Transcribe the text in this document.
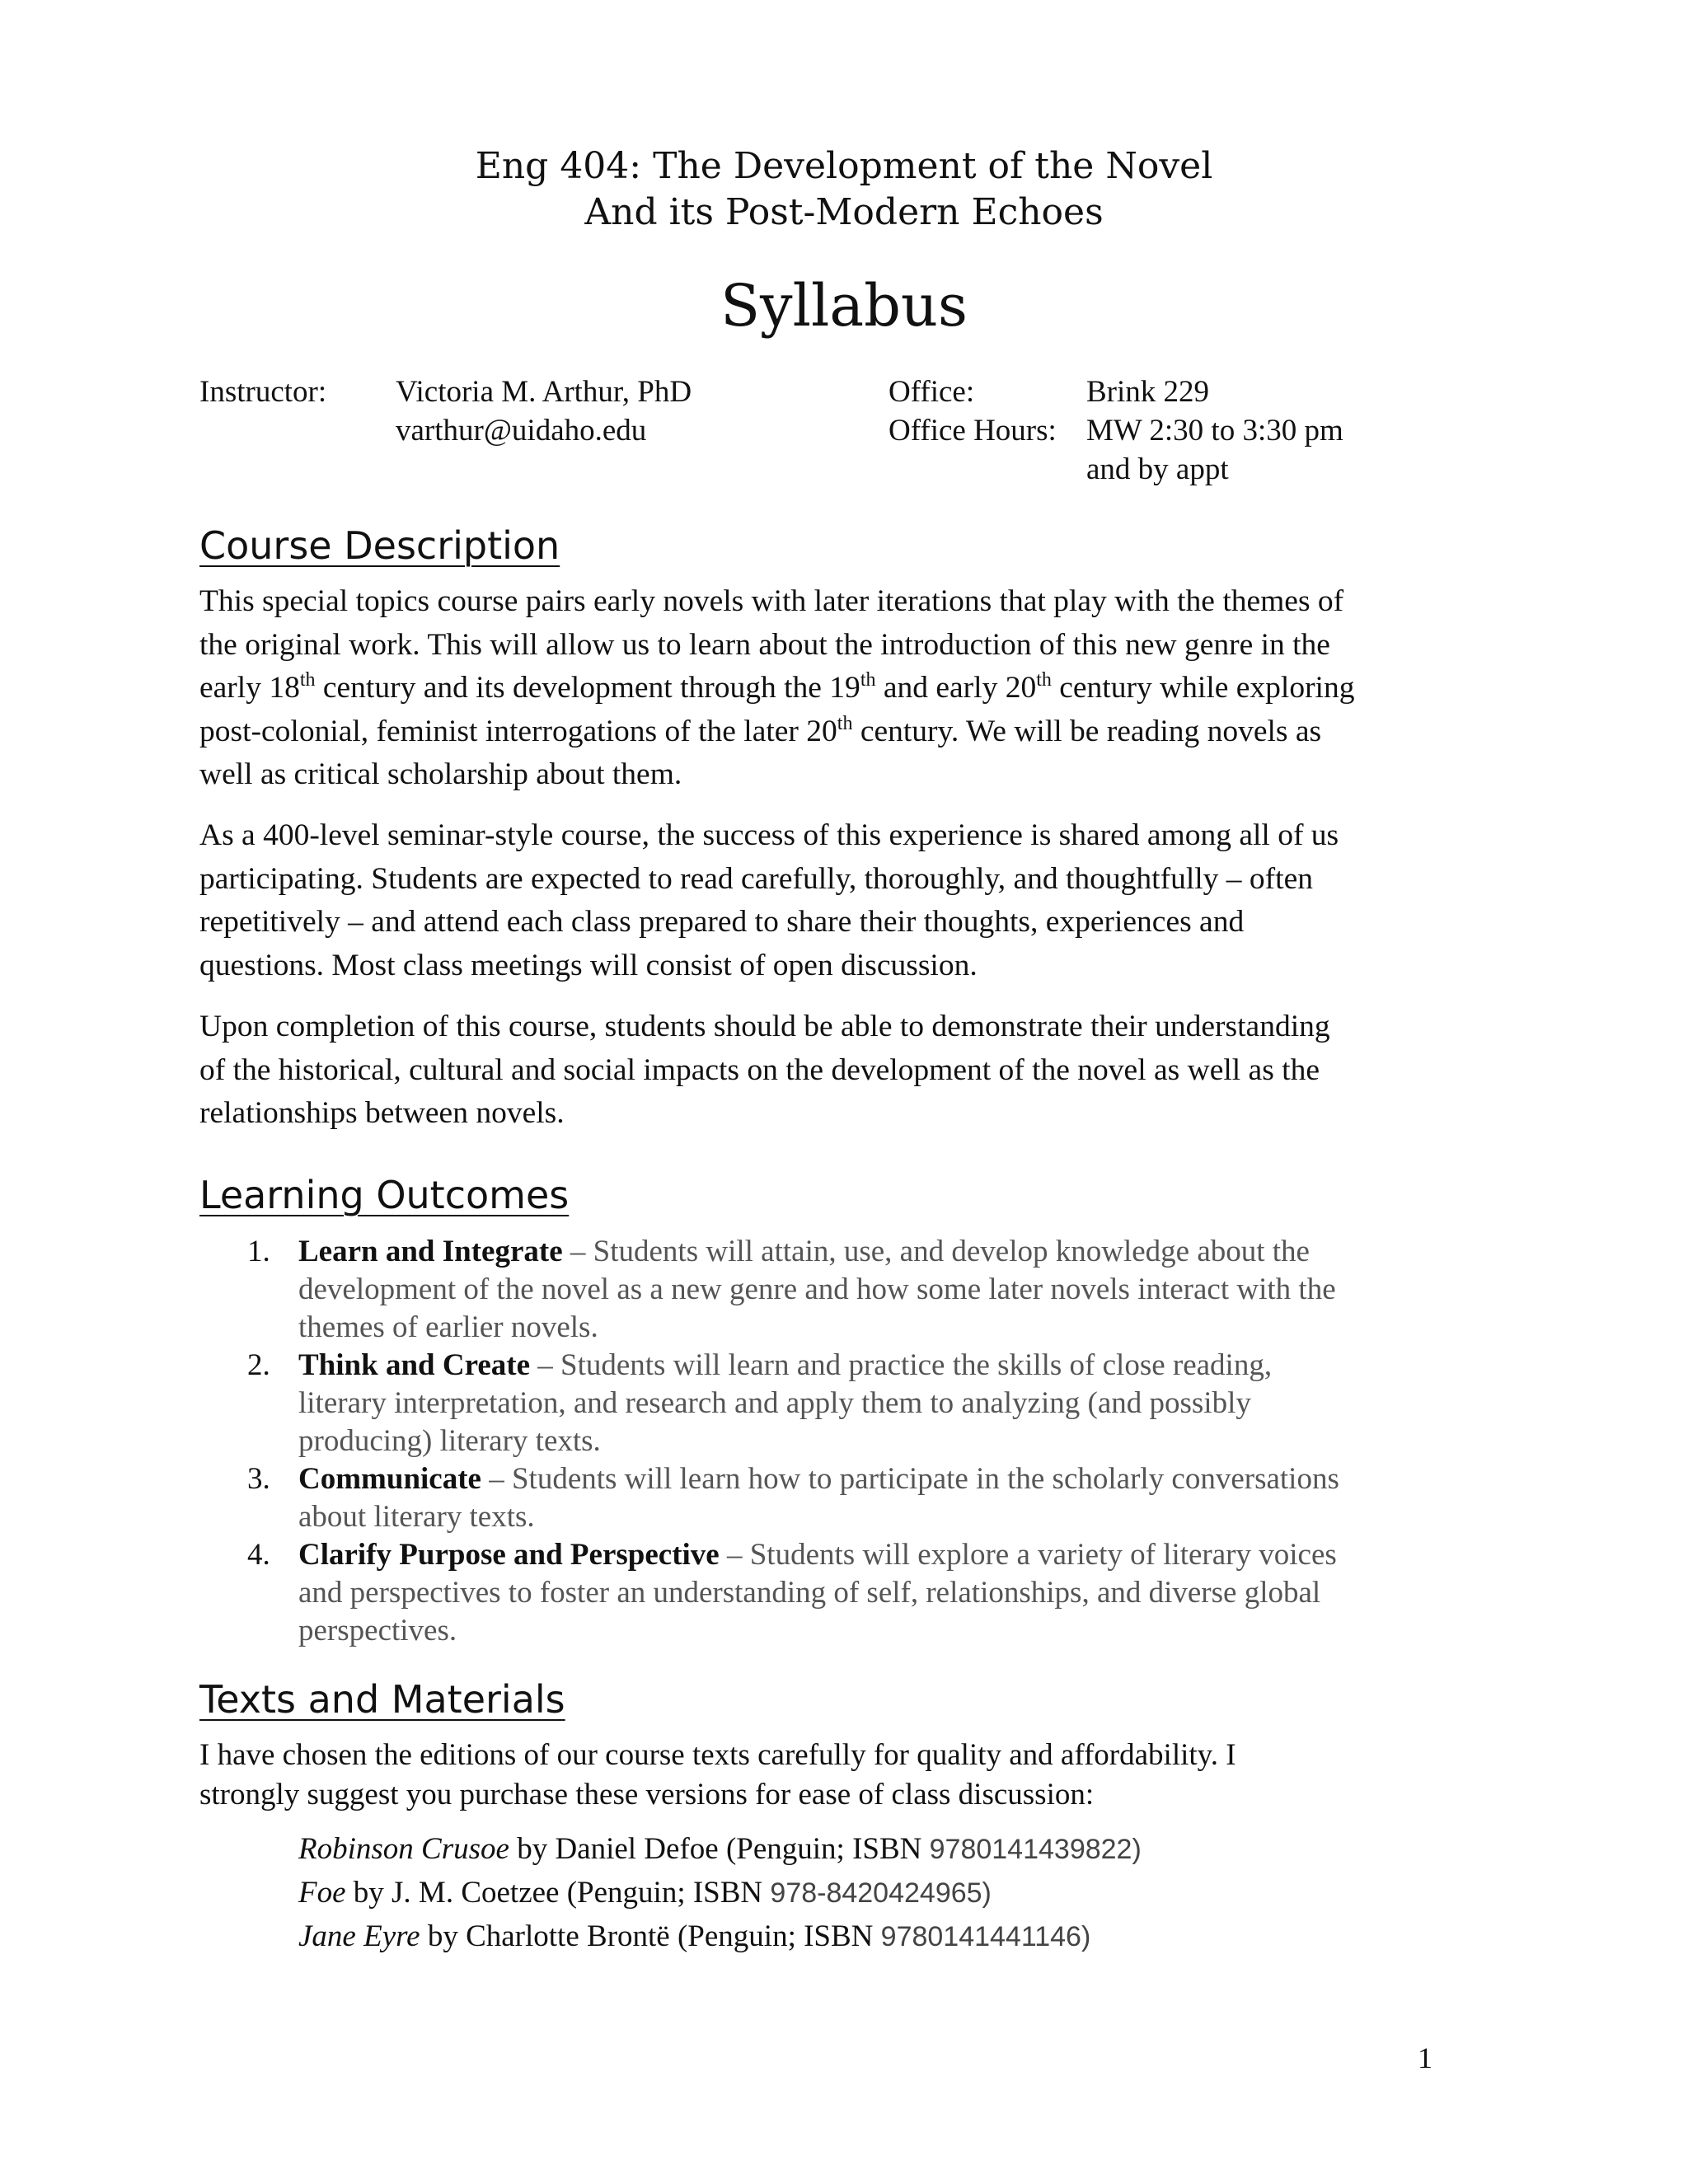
Eng 404: The Development of the Novel
And its Post-Modern Echoes
Syllabus
Instructor: Victoria M. Arthur, PhD
varthur@uidaho.edu
Office:	Brink 229
Office Hours: MW 2:30 to 3:30 pm
and by appt
Course Description
This special topics course pairs early novels with later iterations that play with the themes of
the original work. This will allow us to learn about the introduction of this new genre in the
early 18th century and its development through the 19th and early 20th century while exploring
post-colonial, feminist interrogations of the later 20th century. We will be reading novels as
well as critical scholarship about them.
As a 400-level seminar-style course, the success of this experience is shared among all of us
participating. Students are expected to read carefully, thoroughly, and thoughtfully – often
repetitively – and attend each class prepared to share their thoughts, experiences and
questions. Most class meetings will consist of open discussion.
Upon completion of this course, students should be able to demonstrate their understanding
of the historical, cultural and social impacts on the development of the novel as well as the
relationships between novels.
Learning Outcomes
1. Learn and Integrate – Students will attain, use, and develop knowledge about the
development of the novel as a new genre and how some later novels interact with the
themes of earlier novels.
2. Think and Create – Students will learn and practice the skills of close reading,
literary interpretation, and research and apply them to analyzing (and possibly
producing) literary texts.
3. Communicate – Students will learn how to participate in the scholarly conversations
about literary texts.
4. Clarify Purpose and Perspective – Students will explore a variety of literary voices
and perspectives to foster an understanding of self, relationships, and diverse global
perspectives.
Texts and Materials
I have chosen the editions of our course texts carefully for quality and affordability. I
strongly suggest you purchase these versions for ease of class discussion:
Robinson Crusoe by Daniel Defoe (Penguin; ISBN 9780141439822)
Foe by J. M. Coetzee (Penguin; ISBN 978-8420424965)
Jane Eyre by Charlotte Brontë (Penguin; ISBN 9780141441146)
1
